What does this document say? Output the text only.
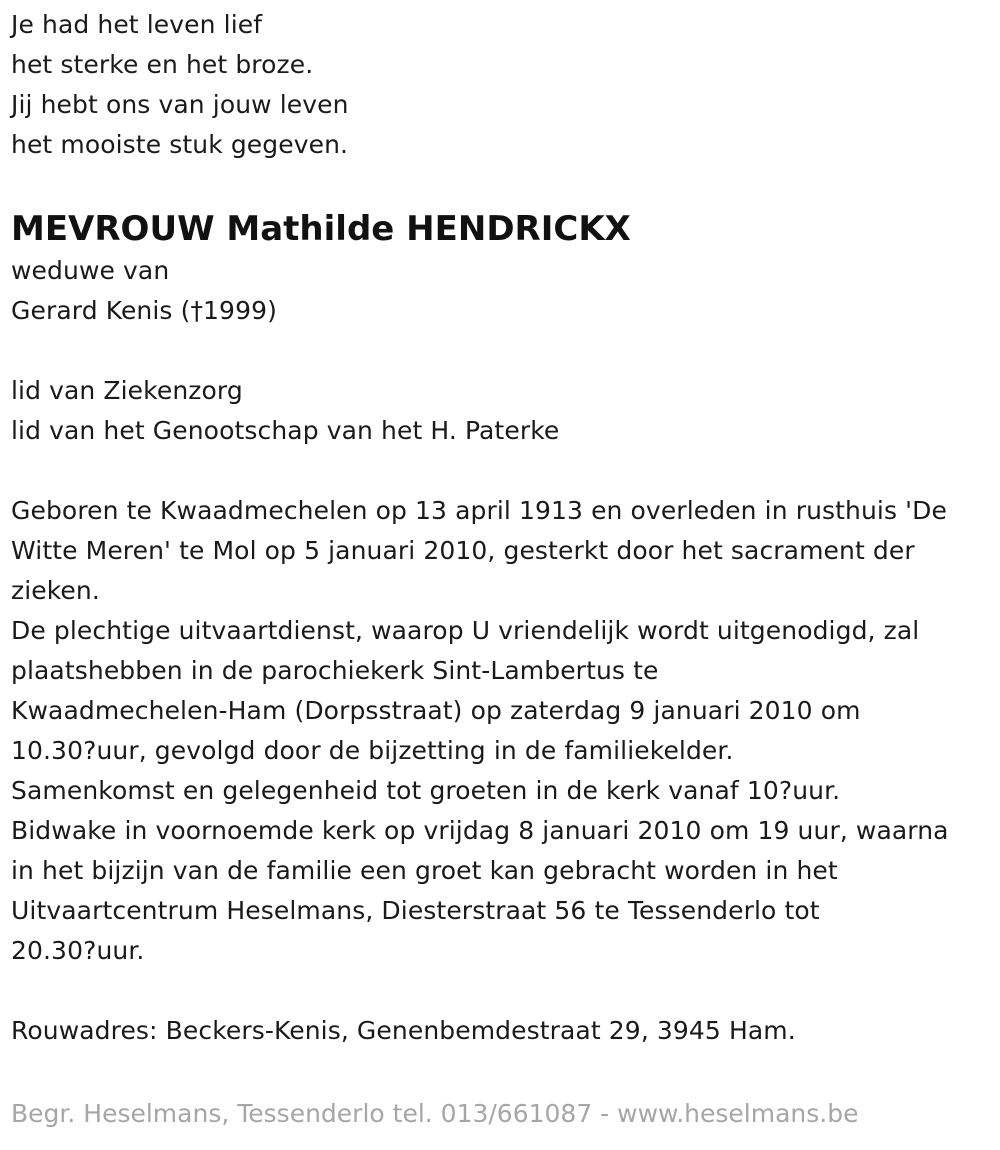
Je had het leven lief
het sterke en het broze.
Jij hebt ons van jouw leven
het mooiste stuk gegeven.
MEVROUW Mathilde HENDRICKX
weduwe van
Gerard Kenis (†1999)
lid van Ziekenzorg
lid van het Genootschap van het H. Paterke
Geboren te Kwaadmechelen op 13 april 1913 en overleden in rusthuis 'De
Witte Meren' te Mol op 5 januari 2010, gesterkt door het sacrament der
zieken.
De plechtige uitvaartdienst, waarop U vriendelijk wordt uitgenodigd, zal
plaatshebben in de parochiekerk Sint-Lambertus te
Kwaadmechelen-Ham (Dorpsstraat) op zaterdag 9 januari 2010 om
10.30?uur, gevolgd door de bijzetting in de familiekelder.
Samenkomst en gelegenheid tot groeten in de kerk vanaf 10?uur.
Bidwake in voornoemde kerk op vrijdag 8 januari 2010 om 19 uur, waarna
in het bijzijn van de familie een groet kan gebracht worden in het
Uitvaartcentrum Heselmans, Diesterstraat 56 te Tessenderlo tot
20.30?uur.
Rouwadres: Beckers-Kenis, Genenbemdestraat 29, 3945 Ham.
Begr. Heselmans, Tessenderlo tel. 013/661087 - www.heselmans.be
